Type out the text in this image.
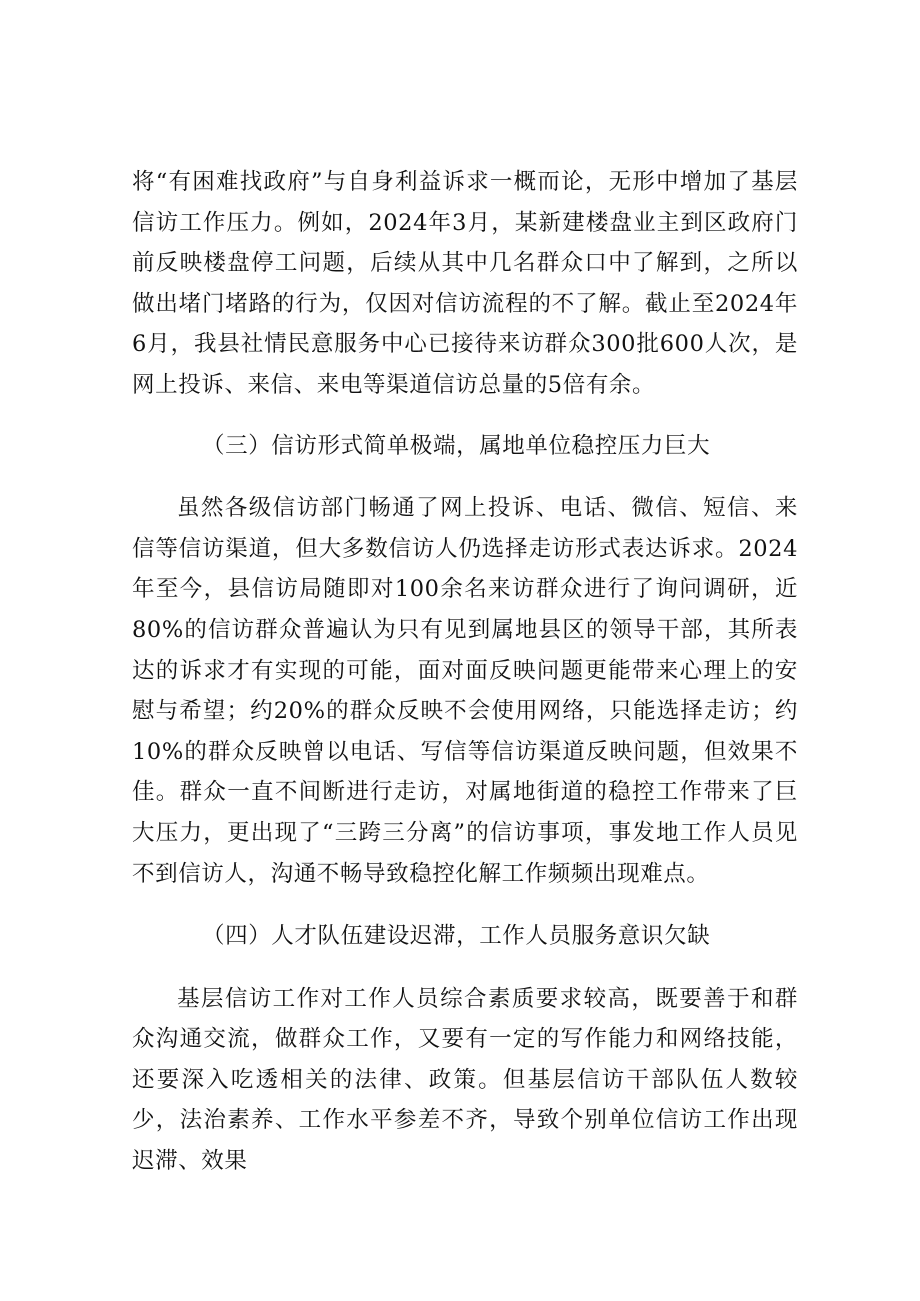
将“有困难找政府”与自身利益诉求一概而论，无形中增加了基层信访工作压力。例如，2024年3月，某新建楼盘业主到区政府门前反映楼盘停工问题，后续从其中几名群众口中了解到，之所以做出堵门堵路的行为，仅因对信访流程的不了解。截止至2024年6月，我县社情民意服务中心已接待来访群众300批600人次，是网上投诉、来信、来电等渠道信访总量的5倍有余。

（三）信访形式简单极端，属地单位稳控压力巨大

虽然各级信访部门畅通了网上投诉、电话、微信、短信、来信等信访渠道，但大多数信访人仍选择走访形式表达诉求。2024年至今，县信访局随即对100余名来访群众进行了询问调研，近80%的信访群众普遍认为只有见到属地县区的领导干部，其所表达的诉求才有实现的可能，面对面反映问题更能带来心理上的安慰与希望；约20%的群众反映不会使用网络，只能选择走访；约10%的群众反映曾以电话、写信等信访渠道反映问题，但效果不佳。群众一直不间断进行走访，对属地街道的稳控工作带来了巨大压力，更出现了“三跨三分离”的信访事项，事发地工作人员见不到信访人，沟通不畅导致稳控化解工作频频出现难点。

（四）人才队伍建设迟滞，工作人员服务意识欠缺

基层信访工作对工作人员综合素质要求较高，既要善于和群众沟通交流，做群众工作，又要有一定的写作能力和网络技能，还要深入吃透相关的法律、政策。但基层信访干部队伍人数较少，法治素养、工作水平参差不齐，导致个别单位信访工作出现迟滞、效果
